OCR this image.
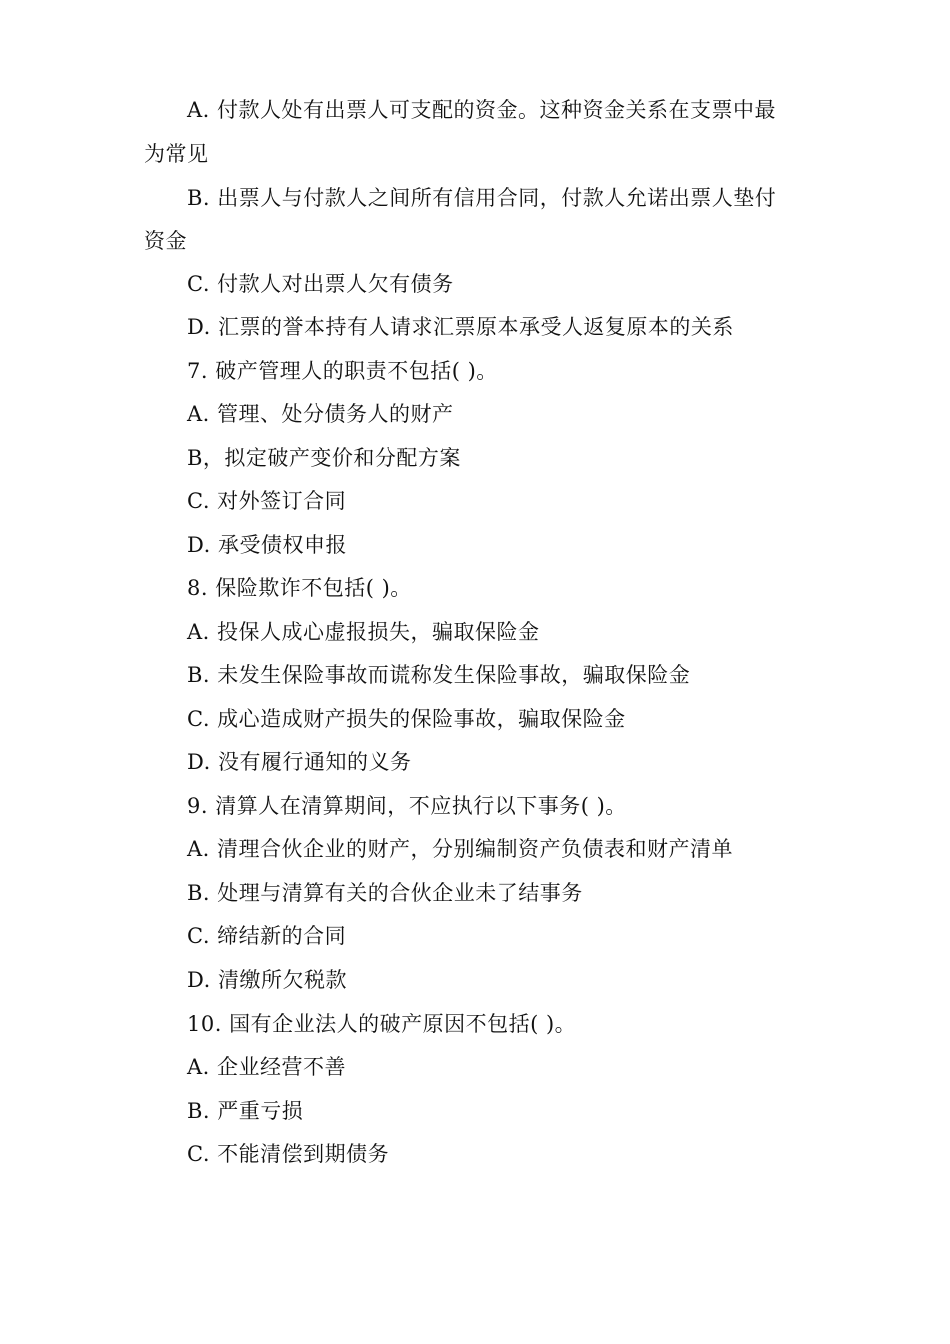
A. 付款人处有出票人可支配的资金。这种资金关系在支票中最
为常见
B. 出票人与付款人之间所有信用合同，付款人允诺出票人垫付
资金
C. 付款人对出票人欠有债务
D. 汇票的誉本持有人请求汇票原本承受人返复原本的关系
7. 破产管理人的职责不包括( )。
A. 管理、处分债务人的财产
B，拟定破产变价和分配方案
C. 对外签订合同
D. 承受债权申报
8. 保险欺诈不包括( )。
A. 投保人成心虚报损失，骗取保险金
B. 未发生保险事故而谎称发生保险事故，骗取保险金
C. 成心造成财产损失的保险事故，骗取保险金
D. 没有履行通知的义务
9. 清算人在清算期间，不应执行以下事务( )。
A. 清理合伙企业的财产，分别编制资产负债表和财产清单
B. 处理与清算有关的合伙企业未了结事务
C. 缔结新的合同
D. 清缴所欠税款
10. 国有企业法人的破产原因不包括( )。
A. 企业经营不善
B. 严重亏损
C. 不能清偿到期债务
